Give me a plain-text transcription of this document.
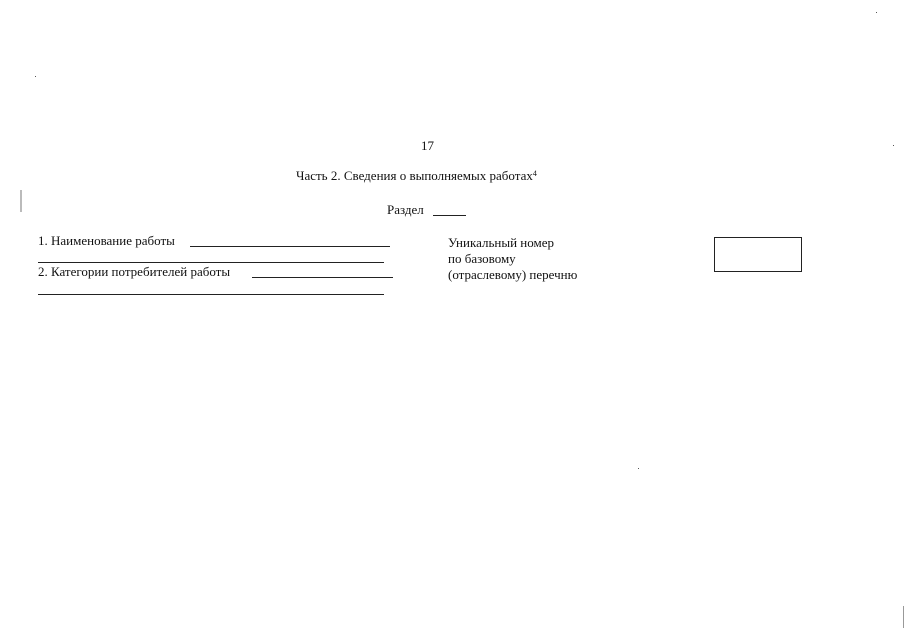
17
Часть 2. Сведения о выполняемых работах$^4$
Раздел
1. Наименование работы
2. Категории потребителей работы
Уникальный номер
по базовому
(отраслевому) перечню
